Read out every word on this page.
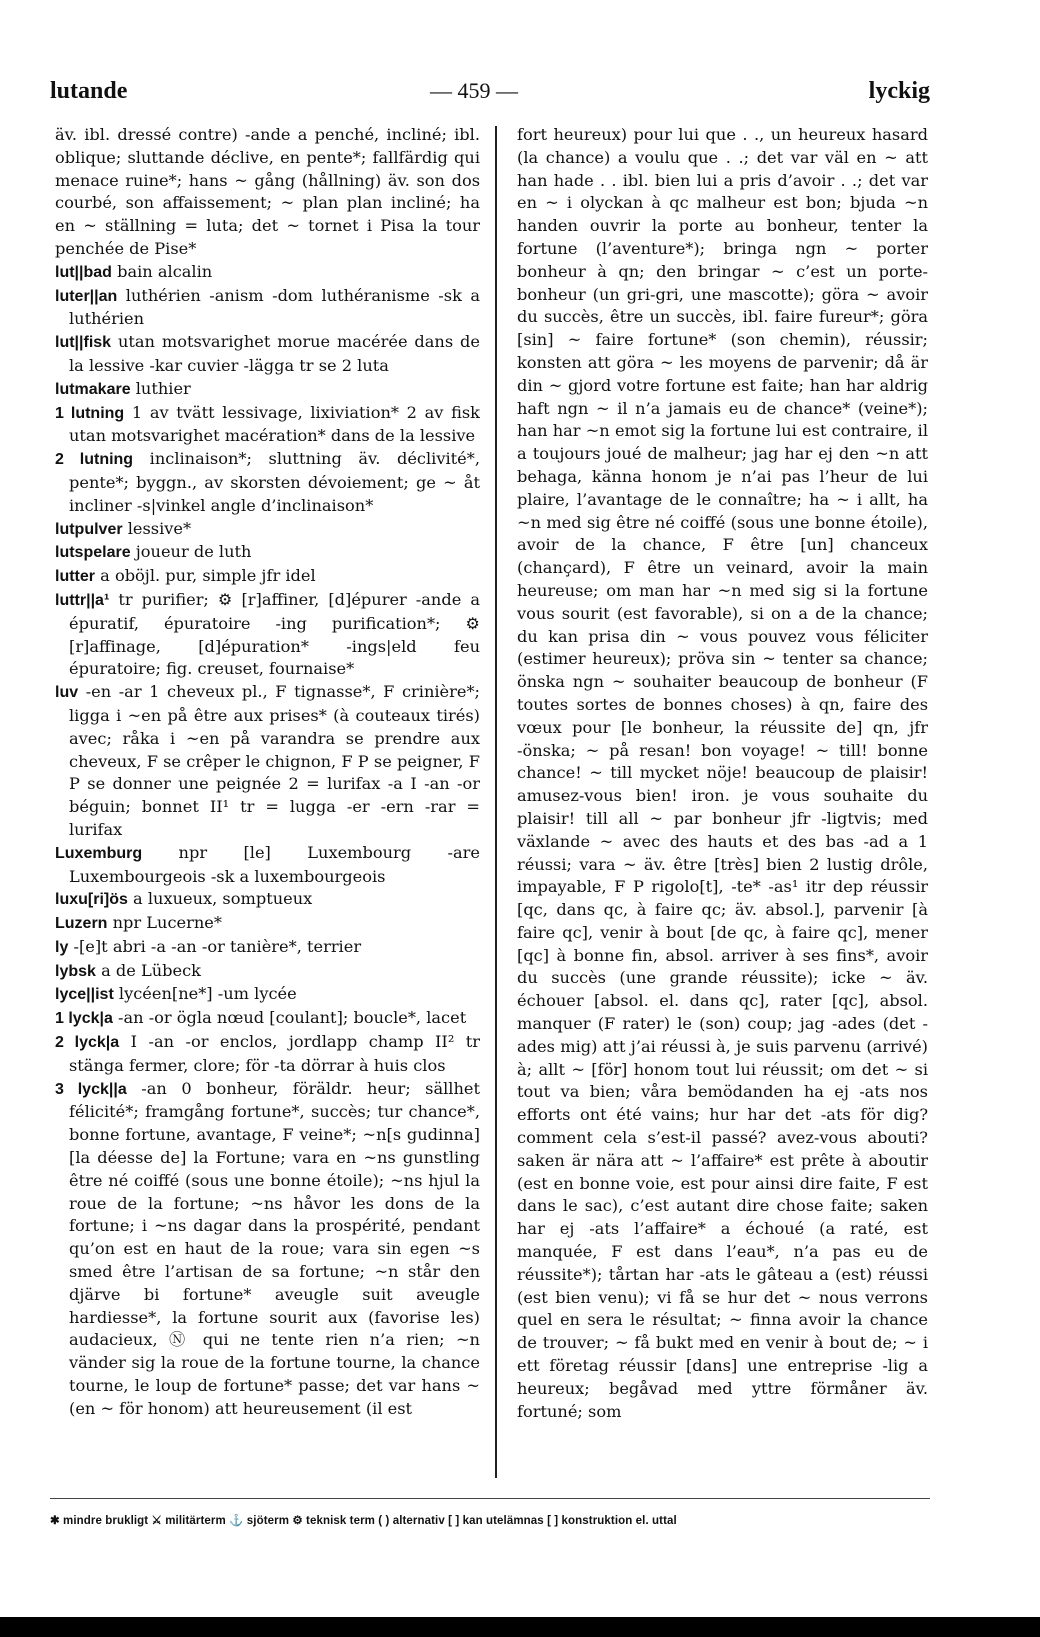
lutande	— 459 —	lyckig

äv. ibl. dressé contre) -ande a penché, incliné; ibl. oblique; sluttande déclive, en pente*; fallfärdig qui menace ruine*; hans ~ gång (hållning) äv. son dos courbé, son affaissement; ~ plan plan incliné; ha en ~ ställning = luta; det ~ tornet i Pisa la tour penchée de Pise*

lut||bad bain alcalin

luter||an luthérien -anism -dom luthéranisme -sk a luthérien

lut||fisk utan motsvarighet morue macérée dans de la lessive -kar cuvier -lägga tr se 2 luta

lutmakare luthier

1 lutning 1 av tvätt lessivage, lixiviation* 2 av fisk utan motsvarighet macération* dans de la lessive

2 lutning inclinaison*; sluttning äv. déclivité*, pente*; byggn., av skorsten dévoiement; ge ~ åt incliner -s|vinkel angle d’inclinaison*

lutpulver lessive*

lutspelare joueur de luth

lutter a oböjl. pur, simple jfr idel

luttr||a¹ tr purifier; ⚙ [r]affiner, [d]épurer -ande a épuratif, épuratoire -ing purification*; ⚙ [r]affinage, [d]épuration* -ings|eld feu épuratoire; fig. creuset, fournaise*

luv -en -ar 1 cheveux pl., F tignasse*, F crinière*; ligga i ~en på être aux prises* (à couteaux tirés) avec; råka i ~en på varandra se prendre aux cheveux, F se crêper le chignon, F P se peigner, F P se donner une peignée 2 = lurifax -a I -an -or béguin; bonnet II¹ tr = lugga -er -ern -rar = lurifax

Luxemburg npr [le] Luxembourg -are Luxembourgeois -sk a luxembourgeois

luxu[ri]ös a luxueux, somptueux

Luzern npr Lucerne*

ly -[e]t abri -a -an -or tanière*, terrier

lybsk a de Lübeck

lyce||ist lycéen[ne*] -um lycée

1 lyck|a -an -or ögla nœud [coulant]; boucle*, lacet

2 lyck|a I -an -or enclos, jordlapp champ II² tr stänga fermer, clore; för -ta dörrar à huis clos

3 lyck||a -an 0 bonheur, föräldr. heur; sällhet félicité*; framgång fortune*, succès; tur chance*, bonne fortune, avantage, F veine*; ~n[s gudinna] [la déesse de] la Fortune; vara en ~ns gunstling être né coiffé (sous une bonne étoile); ~ns hjul la roue de la fortune; ~ns håvor les dons de la fortune; i ~ns dagar dans la prospérité, pendant qu’on est en haut de la roue; vara sin egen ~s smed être l’artisan de sa fortune; ~n står den djärve bi fortune* aveugle suit aveugle hardiesse*, la fortune sourit aux (favorise les) audacieux, Ⓝ qui ne tente rien n’a rien; ~n vänder sig la roue de la fortune tourne, la chance tourne, le loup de fortune* passe; det var hans ~ (en ~ för honom) att heureusement (il est

fort heureux) pour lui que . ., un heureux hasard (la chance) a voulu que . .; det var väl en ~ att han hade . . ibl. bien lui a pris d’avoir . .; det var en ~ i olyckan à qc malheur est bon; bjuda ~n handen ouvrir la porte au bonheur, tenter la fortune (l’aventure*); bringa ngn ~ porter bonheur à qn; den bringar ~ c’est un porte-bonheur (un gri-gri, une mascotte); göra ~ avoir du succès, être un succès, ibl. faire fureur*; göra [sin] ~ faire fortune* (son chemin), réussir; konsten att göra ~ les moyens de parvenir; då är din ~ gjord votre fortune est faite; han har aldrig haft ngn ~ il n’a jamais eu de chance* (veine*); han har ~n emot sig la fortune lui est contraire, il a toujours joué de malheur; jag har ej den ~n att behaga, känna honom je n’ai pas l’heur de lui plaire, l’avantage de le connaître; ha ~ i allt, ha ~n med sig être né coiffé (sous une bonne étoile), avoir de la chance, F être [un] chanceux (chançard), F être un veinard, avoir la main heureuse; om man har ~n med sig si la fortune vous sourit (est favorable), si on a de la chance; du kan prisa din ~ vous pouvez vous féliciter (estimer heureux); pröva sin ~ tenter sa chance; önska ngn ~ souhaiter beaucoup de bonheur (F toutes sortes de bonnes choses) à qn, faire des vœux pour [le bonheur, la réussite de] qn, jfr -önska; ~ på resan! bon voyage! ~ till! bonne chance! ~ till mycket nöje! beaucoup de plaisir! amusez-vous bien! iron. je vous souhaite du plaisir! till all ~ par bonheur jfr -ligtvis; med växlande ~ avec des hauts et des bas -ad a 1 réussi; vara ~ äv. être [très] bien 2 lustig drôle, impayable, F P rigolo[t], -te* -as¹ itr dep réussir [qc, dans qc, à faire qc; äv. absol.], parvenir [à faire qc], venir à bout [de qc, à faire qc], mener [qc] à bonne fin, absol. arriver à ses fins*, avoir du succès (une grande réussite); icke ~ äv. échouer [absol. el. dans qc], rater [qc], absol. manquer (F rater) le (son) coup; jag -ades (det -ades mig) att j’ai réussi à, je suis parvenu (arrivé) à; allt ~ [för] honom tout lui réussit; om det ~ si tout va bien; våra bemödanden ha ej -ats nos efforts ont été vains; hur har det -ats för dig? comment cela s’est-il passé? avez-vous abouti? saken är nära att ~ l’affaire* est prête à aboutir (est en bonne voie, est pour ainsi dire faite, F est dans le sac), c’est autant dire chose faite; saken har ej -ats l’affaire* a échoué (a raté, est manquée, F est dans l’eau*, n’a pas eu de réussite*); tårtan har -ats le gâteau a (est) réussi (est bien venu); vi få se hur det ~ nous verrons quel en sera le résultat; ~ finna avoir la chance de trouver; ~ få bukt med en venir à bout de; ~ i ett företag réussir [dans] une entreprise -lig a heureux; begåvad med yttre förmåner äv. fortuné; som

✱ mindre brukligt ⚔ militärterm ⚓ sjöterm ⚙ teknisk term ( ) alternativ [ ] kan utelämnas [ ] konstruktion el. uttal
